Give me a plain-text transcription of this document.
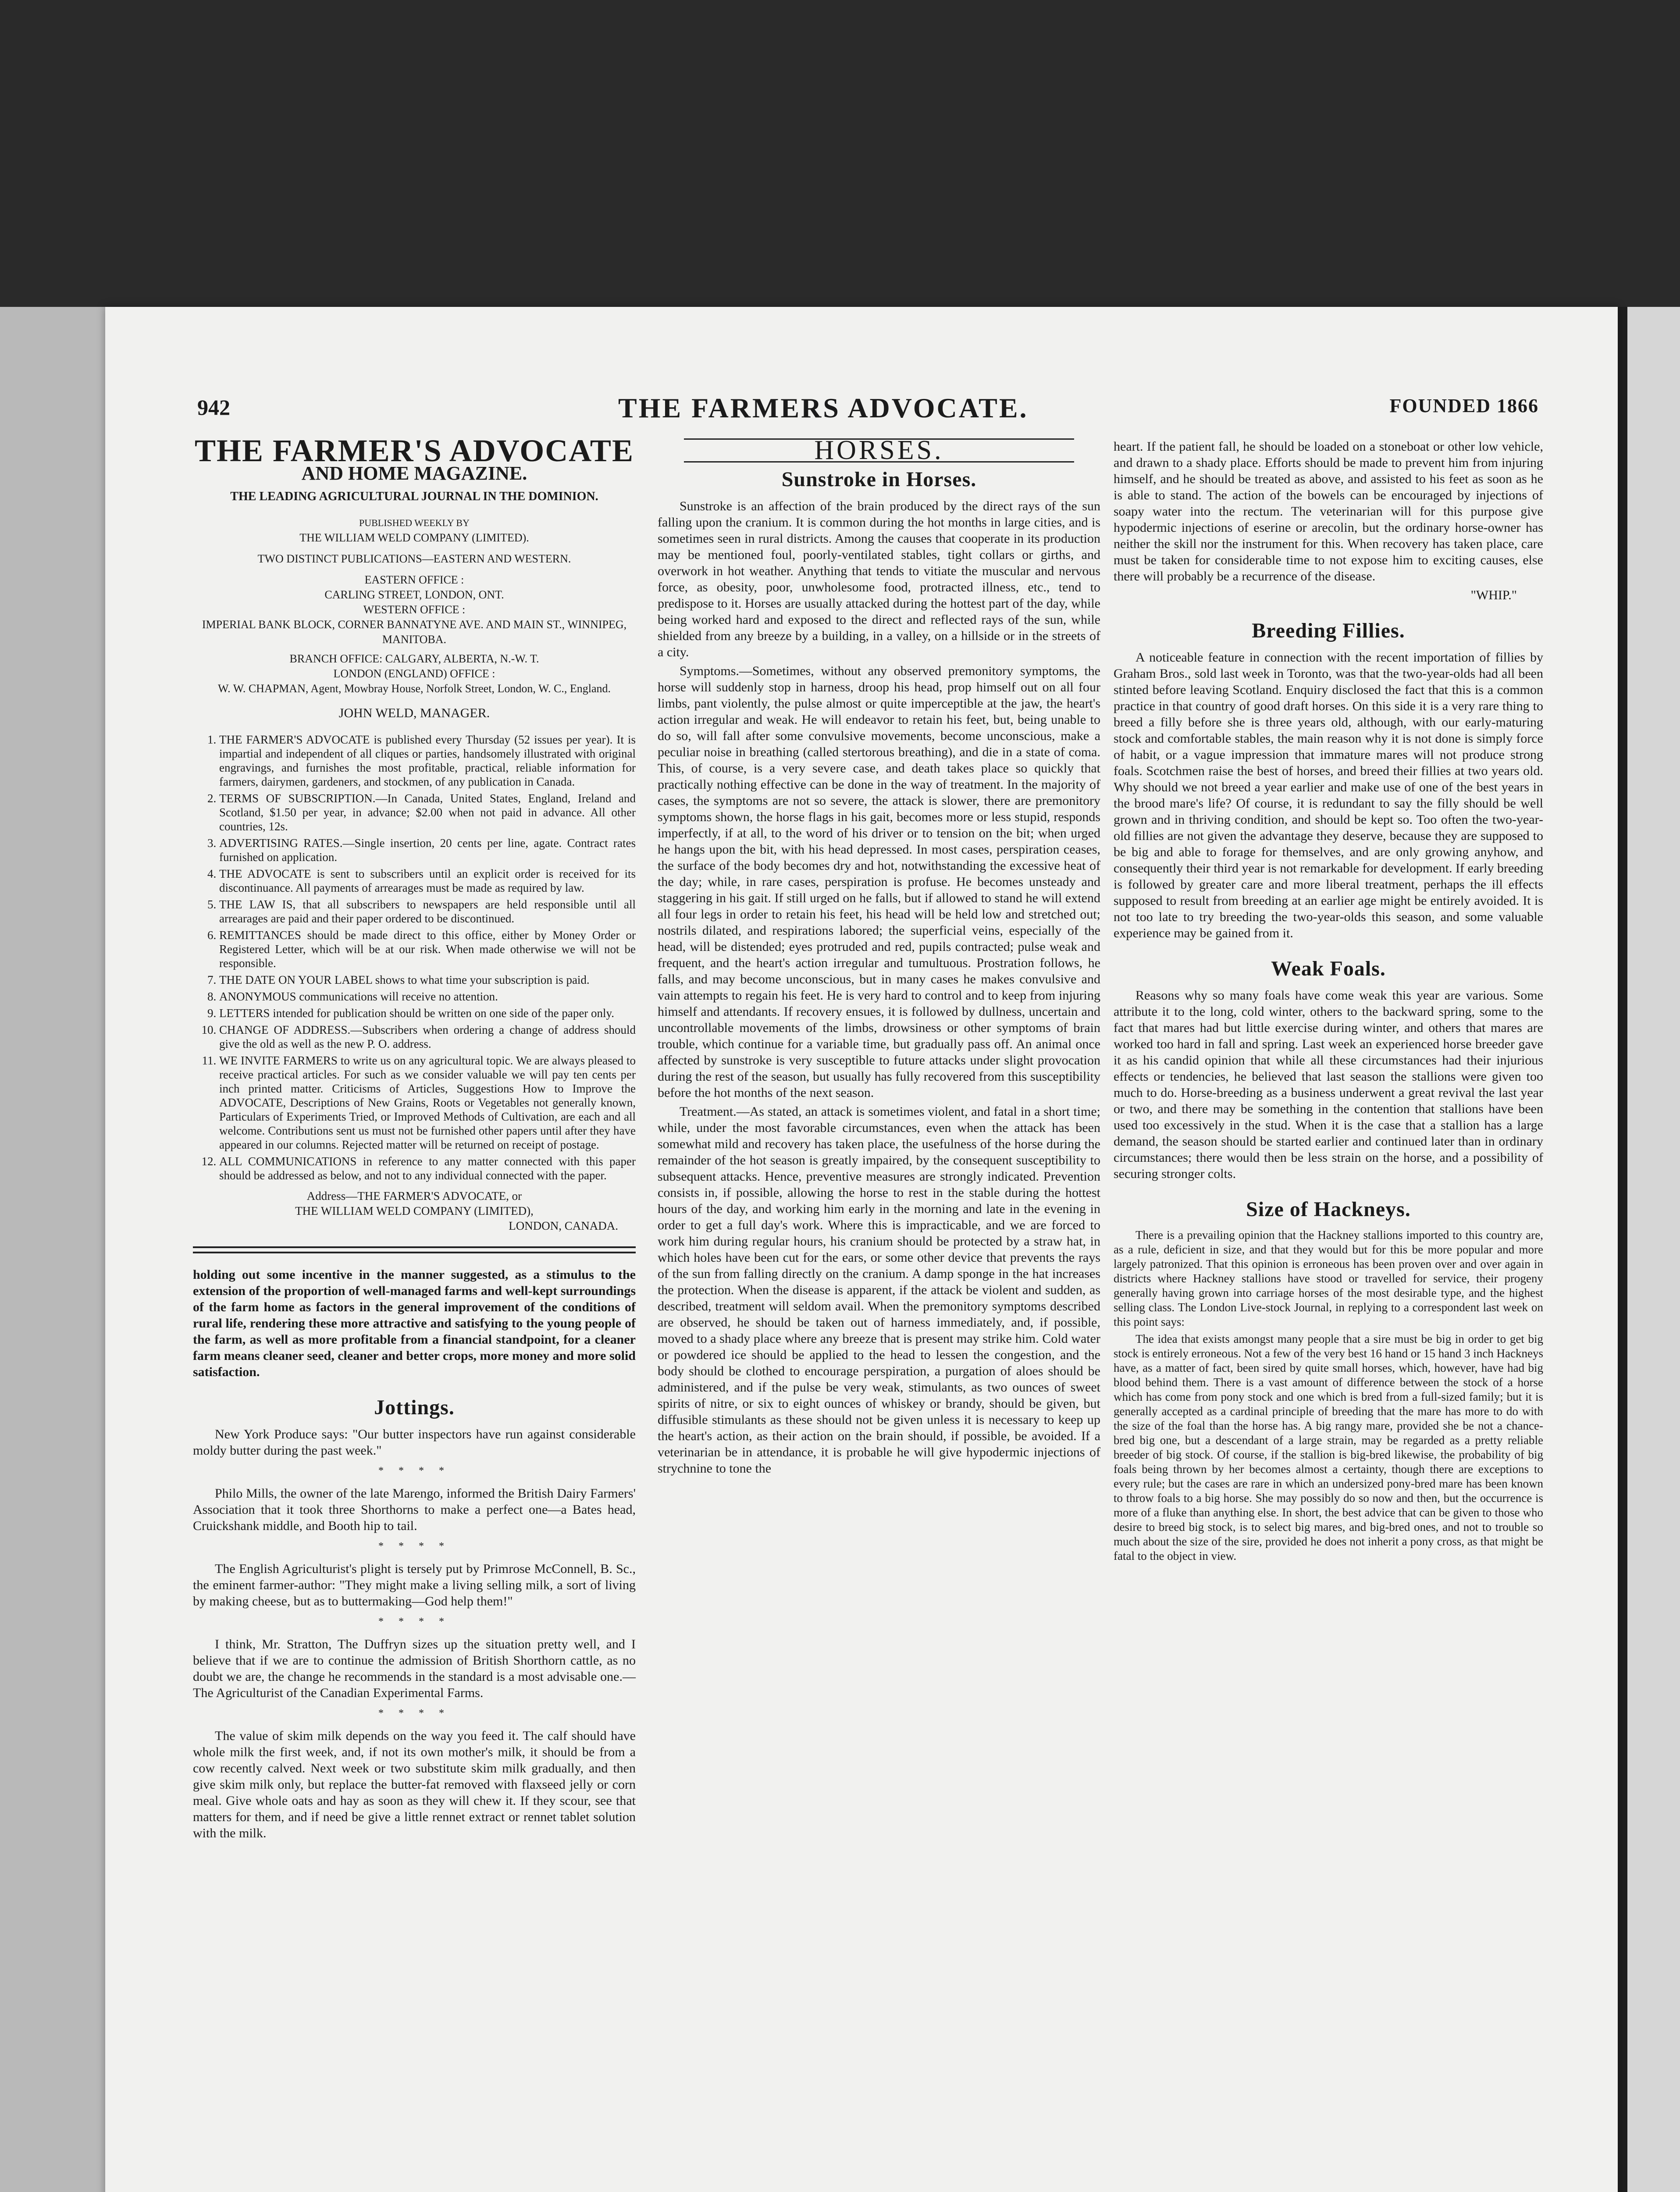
942	THE FARMERS ADVOCATE.	FOUNDED 1866
THE FARMER'S ADVOCATE
AND HOME MAGAZINE.
THE LEADING AGRICULTURAL JOURNAL IN THE DOMINION.
PUBLISHED WEEKLY BY
THE WILLIAM WELD COMPANY (LIMITED).
TWO DISTINCT PUBLICATIONS—EASTERN AND WESTERN.
EASTERN OFFICE :
CARLING STREET, LONDON, ONT.
WESTERN OFFICE :
IMPERIAL BANK BLOCK, CORNER BANNATYNE AVE. AND MAIN ST., WINNIPEG, MANITOBA.
BRANCH OFFICE: CALGARY, ALBERTA, N.-W. T.
LONDON (ENGLAND) OFFICE :
W. W. CHAPMAN, Agent, Mowbray House, Norfolk Street, London, W. C., England.
JOHN WELD, MANAGER.
1. THE FARMER'S ADVOCATE is published every Thursday (52 issues per year). It is impartial and independent of all cliques or parties, handsomely illustrated with original engravings, and furnishes the most profitable, practical, reliable information for farmers, dairymen, gardeners, and stockmen, of any publication in Canada.
2. TERMS OF SUBSCRIPTION.—In Canada, United States, England, Ireland and Scotland, $1.50 per year, in advance; $2.00 when not paid in advance. All other countries, 12s.
3. ADVERTISING RATES.—Single insertion, 20 cents per line, agate. Contract rates furnished on application.
4. THE ADVOCATE is sent to subscribers until an explicit order is received for its discontinuance. All payments of arrearages must be made as required by law.
5. THE LAW IS, that all subscribers to newspapers are held responsible until all arrearages are paid and their paper ordered to be discontinued.
6. REMITTANCES should be made direct to this office, either by Money Order or Registered Letter, which will be at our risk. When made otherwise we will not be responsible.
7. THE DATE ON YOUR LABEL shows to what time your subscription is paid.
8. ANONYMOUS communications will receive no attention.
9. LETTERS intended for publication should be written on one side of the paper only.
10. CHANGE OF ADDRESS.—Subscribers when ordering a change of address should give the old as well as the new P. O. address.
11. WE INVITE FARMERS to write us on any agricultural topic. We are always pleased to receive practical articles. For such as we consider valuable we will pay ten cents per inch printed matter. Criticisms of Articles, Suggestions How to Improve the ADVOCATE, Descriptions of New Grains, Roots or Vegetables not generally known, Particulars of Experiments Tried, or Improved Methods of Cultivation, are each and all welcome. Contributions sent us must not be furnished other papers until after they have appeared in our columns. Rejected matter will be returned on receipt of postage.
12. ALL COMMUNICATIONS in reference to any matter connected with this paper should be addressed as below, and not to any individual connected with the paper.
Address—THE FARMER'S ADVOCATE, or
THE WILLIAM WELD COMPANY (LIMITED),
LONDON, CANADA.

holding out some incentive in the manner suggested, as a stimulus to the extension of the proportion of well-managed farms and well-kept surroundings of the farm home as factors in the general improvement of the conditions of rural life, rendering these more attractive and satisfying to the young people of the farm, as well as more profitable from a financial standpoint, for a cleaner farm means cleaner seed, cleaner and better crops, more money and more solid satisfaction.

Jottings.

New York Produce says: "Our butter inspectors have run against considerable moldy butter during the past week."

* * * *

Philo Mills, the owner of the late Marengo, informed the British Dairy Farmers' Association that it took three Shorthorns to make a perfect one—a Bates head, Cruickshank middle, and Booth hip to tail.

* * * *

The English Agriculturist's plight is tersely put by Primrose McConnell, B. Sc., the eminent farmer-author: "They might make a living selling milk, a sort of living by making cheese, but as to buttermaking—God help them!"

* * * *

I think, Mr. Stratton, The Duffryn sizes up the situation pretty well, and I believe that if we are to continue the admission of British Shorthorn cattle, as no doubt we are, the change he recommends in the standard is a most advisable one.—The Agriculturist of the Canadian Experimental Farms.

* * * *

The value of skim milk depends on the way you feed it. The calf should have whole milk the first week, and, if not its own mother's milk, it should be from a cow recently calved. Next week or two substitute skim milk gradually, and then give skim milk only, but replace the butter-fat removed with flaxseed jelly or corn meal. Give whole oats and hay as soon as they will chew it. If they scour, see that matters for them, and if need be give a little rennet extract or rennet tablet solution with the milk.

HORSES.
Sunstroke in Horses.

Sunstroke is an affection of the brain produced by the direct rays of the sun falling upon the cranium. It is common during the hot months in large cities, and is sometimes seen in rural districts. Among the causes that cooperate in its production may be mentioned foul, poorly-ventilated stables, tight collars or girths, and overwork in hot weather. Anything that tends to vitiate the muscular and nervous force, as obesity, poor, unwholesome food, protracted illness, etc., tend to predispose to it. Horses are usually attacked during the hottest part of the day, while being worked hard and exposed to the direct and reflected rays of the sun, while shielded from any breeze by a building, in a valley, on a hillside or in the streets of a city.

Symptoms.—Sometimes, without any observed premonitory symptoms, the horse will suddenly stop in harness, droop his head, prop himself out on all four limbs, pant violently, the pulse almost or quite imperceptible at the jaw, the heart's action irregular and weak. He will endeavor to retain his feet, but, being unable to do so, will fall after some convulsive movements, become unconscious, make a peculiar noise in breathing (called stertorous breathing), and die in a state of coma. This, of course, is a very severe case, and death takes place so quickly that practically nothing effective can be done in the way of treatment. In the majority of cases, the symptoms are not so severe, the attack is slower, there are premonitory symptoms shown, the horse flags in his gait, becomes more or less stupid, responds imperfectly, if at all, to the word of his driver or to tension on the bit; when urged he hangs upon the bit, with his head depressed. In most cases, perspiration ceases, the surface of the body becomes dry and hot, notwithstanding the excessive heat of the day; while, in rare cases, perspiration is profuse. He becomes unsteady and staggering in his gait. If still urged on he falls, but if allowed to stand he will extend all four legs in order to retain his feet, his head will be held low and stretched out; nostrils dilated, and respirations labored; the superficial veins, especially of the head, will be distended; eyes protruded and red, pupils contracted; pulse weak and frequent, and the heart's action irregular and tumultuous. Prostration follows, he falls, and may become unconscious, but in many cases he makes convulsive and vain attempts to regain his feet. He is very hard to control and to keep from injuring himself and attendants. If recovery ensues, it is followed by dullness, uncertain and uncontrollable movements of the limbs, drowsiness or other symptoms of brain trouble, which continue for a variable time, but gradually pass off. An animal once affected by sunstroke is very susceptible to future attacks under slight provocation during the rest of the season, but usually has fully recovered from this susceptibility before the hot months of the next season.

Treatment.—As stated, an attack is sometimes violent, and fatal in a short time; while, under the most favorable circumstances, even when the attack has been somewhat mild and recovery has taken place, the usefulness of the horse during the remainder of the hot season is greatly impaired, by the consequent susceptibility to subsequent attacks. Hence, preventive measures are strongly indicated. Prevention consists in, if possible, allowing the horse to rest in the stable during the hottest hours of the day, and working him early in the morning and late in the evening in order to get a full day's work. Where this is impracticable, and we are forced to work him during regular hours, his cranium should be protected by a straw hat, in which holes have been cut for the ears, or some other device that prevents the rays of the sun from falling directly on the cranium. A damp sponge in the hat increases the protection. When the disease is apparent, if the attack be violent and sudden, as described, treatment will seldom avail. When the premonitory symptoms described are observed, he should be taken out of harness immediately, and, if possible, moved to a shady place where any breeze that is present may strike him. Cold water or powdered ice should be applied to the head to lessen the congestion, and the body should be clothed to encourage perspiration, a purgation of aloes should be administered, and if the pulse be very weak, stimulants, as two ounces of sweet spirits of nitre, or six to eight ounces of whiskey or brandy, should be given, but diffusible stimulants as these should not be given unless it is necessary to keep up the heart's action, as their action on the brain should, if possible, be avoided. If a veterinarian be in attendance, it is probable he will give hypodermic injections of strychnine to tone the

heart. If the patient fall, he should be loaded on a stoneboat or other low vehicle, and drawn to a shady place. Efforts should be made to prevent him from injuring himself, and he should be treated as above, and assisted to his feet as soon as he is able to stand. The action of the bowels can be encouraged by injections of soapy water into the rectum. The veterinarian will for this purpose give hypodermic injections of eserine or arecolin, but the ordinary horse-owner has neither the skill nor the instrument for this. When recovery has taken place, care must be taken for considerable time to not expose him to exciting causes, else there will probably be a recurrence of the disease.

"WHIP."
Breeding Fillies.

A noticeable feature in connection with the recent importation of fillies by Graham Bros., sold last week in Toronto, was that the two-year-olds had all been stinted before leaving Scotland. Enquiry disclosed the fact that this is a common practice in that country of good draft horses. On this side it is a very rare thing to breed a filly before she is three years old, although, with our early-maturing stock and comfortable stables, the main reason why it is not done is simply force of habit, or a vague impression that immature mares will not produce strong foals. Scotchmen raise the best of horses, and breed their fillies at two years old. Why should we not breed a year earlier and make use of one of the best years in the brood mare's life? Of course, it is redundant to say the filly should be well grown and in thriving condition, and should be kept so. Too often the two-year-old fillies are not given the advantage they deserve, because they are supposed to be big and able to forage for themselves, and are only growing anyhow, and consequently their third year is not remarkable for development. If early breeding is followed by greater care and more liberal treatment, perhaps the ill effects supposed to result from breeding at an earlier age might be entirely avoided. It is not too late to try breeding the two-year-olds this season, and some valuable experience may be gained from it.

Weak Foals.

Reasons why so many foals have come weak this year are various. Some attribute it to the long, cold winter, others to the backward spring, some to the fact that mares had but little exercise during winter, and others that mares are worked too hard in fall and spring. Last week an experienced horse breeder gave it as his candid opinion that while all these circumstances had their injurious effects or tendencies, he believed that last season the stallions were given too much to do. Horse-breeding as a business underwent a great revival the last year or two, and there may be something in the contention that stallions have been used too excessively in the stud. When it is the case that a stallion has a large demand, the season should be started earlier and continued later than in ordinary circumstances; there would then be less strain on the horse, and a possibility of securing stronger colts.

Size of Hackneys.

There is a prevailing opinion that the Hackney stallions imported to this country are, as a rule, deficient in size, and that they would but for this be more popular and more largely patronized. That this opinion is erroneous has been proven over and over again in districts where Hackney stallions have stood or travelled for service, their progeny generally having grown into carriage horses of the most desirable type, and the highest selling class. The London Live-stock Journal, in replying to a correspondent last week on this point says:

The idea that exists amongst many people that a sire must be big in order to get big stock is entirely erroneous. Not a few of the very best 16 hand or 15 hand 3 inch Hackneys have, as a matter of fact, been sired by quite small horses, which, however, have had big blood behind them. There is a vast amount of difference between the stock of a horse which has come from pony stock and one which is bred from a full-sized family; but it is generally accepted as a cardinal principle of breeding that the mare has more to do with the size of the foal than the horse has. A big rangy mare, provided she be not a chance-bred big one, but a descendant of a large strain, may be regarded as a pretty reliable breeder of big stock. Of course, if the stallion is big-bred likewise, the probability of big foals being thrown by her becomes almost a certainty, though there are exceptions to every rule; but the cases are rare in which an undersized pony-bred mare has been known to throw foals to a big horse. She may possibly do so now and then, but the occurrence is more of a fluke than anything else. In short, the best advice that can be given to those who desire to breed big stock, is to select big mares, and big-bred ones, and not to trouble so much about the size of the sire, provided he does not inherit a pony cross, as that might be fatal to the object in view.
